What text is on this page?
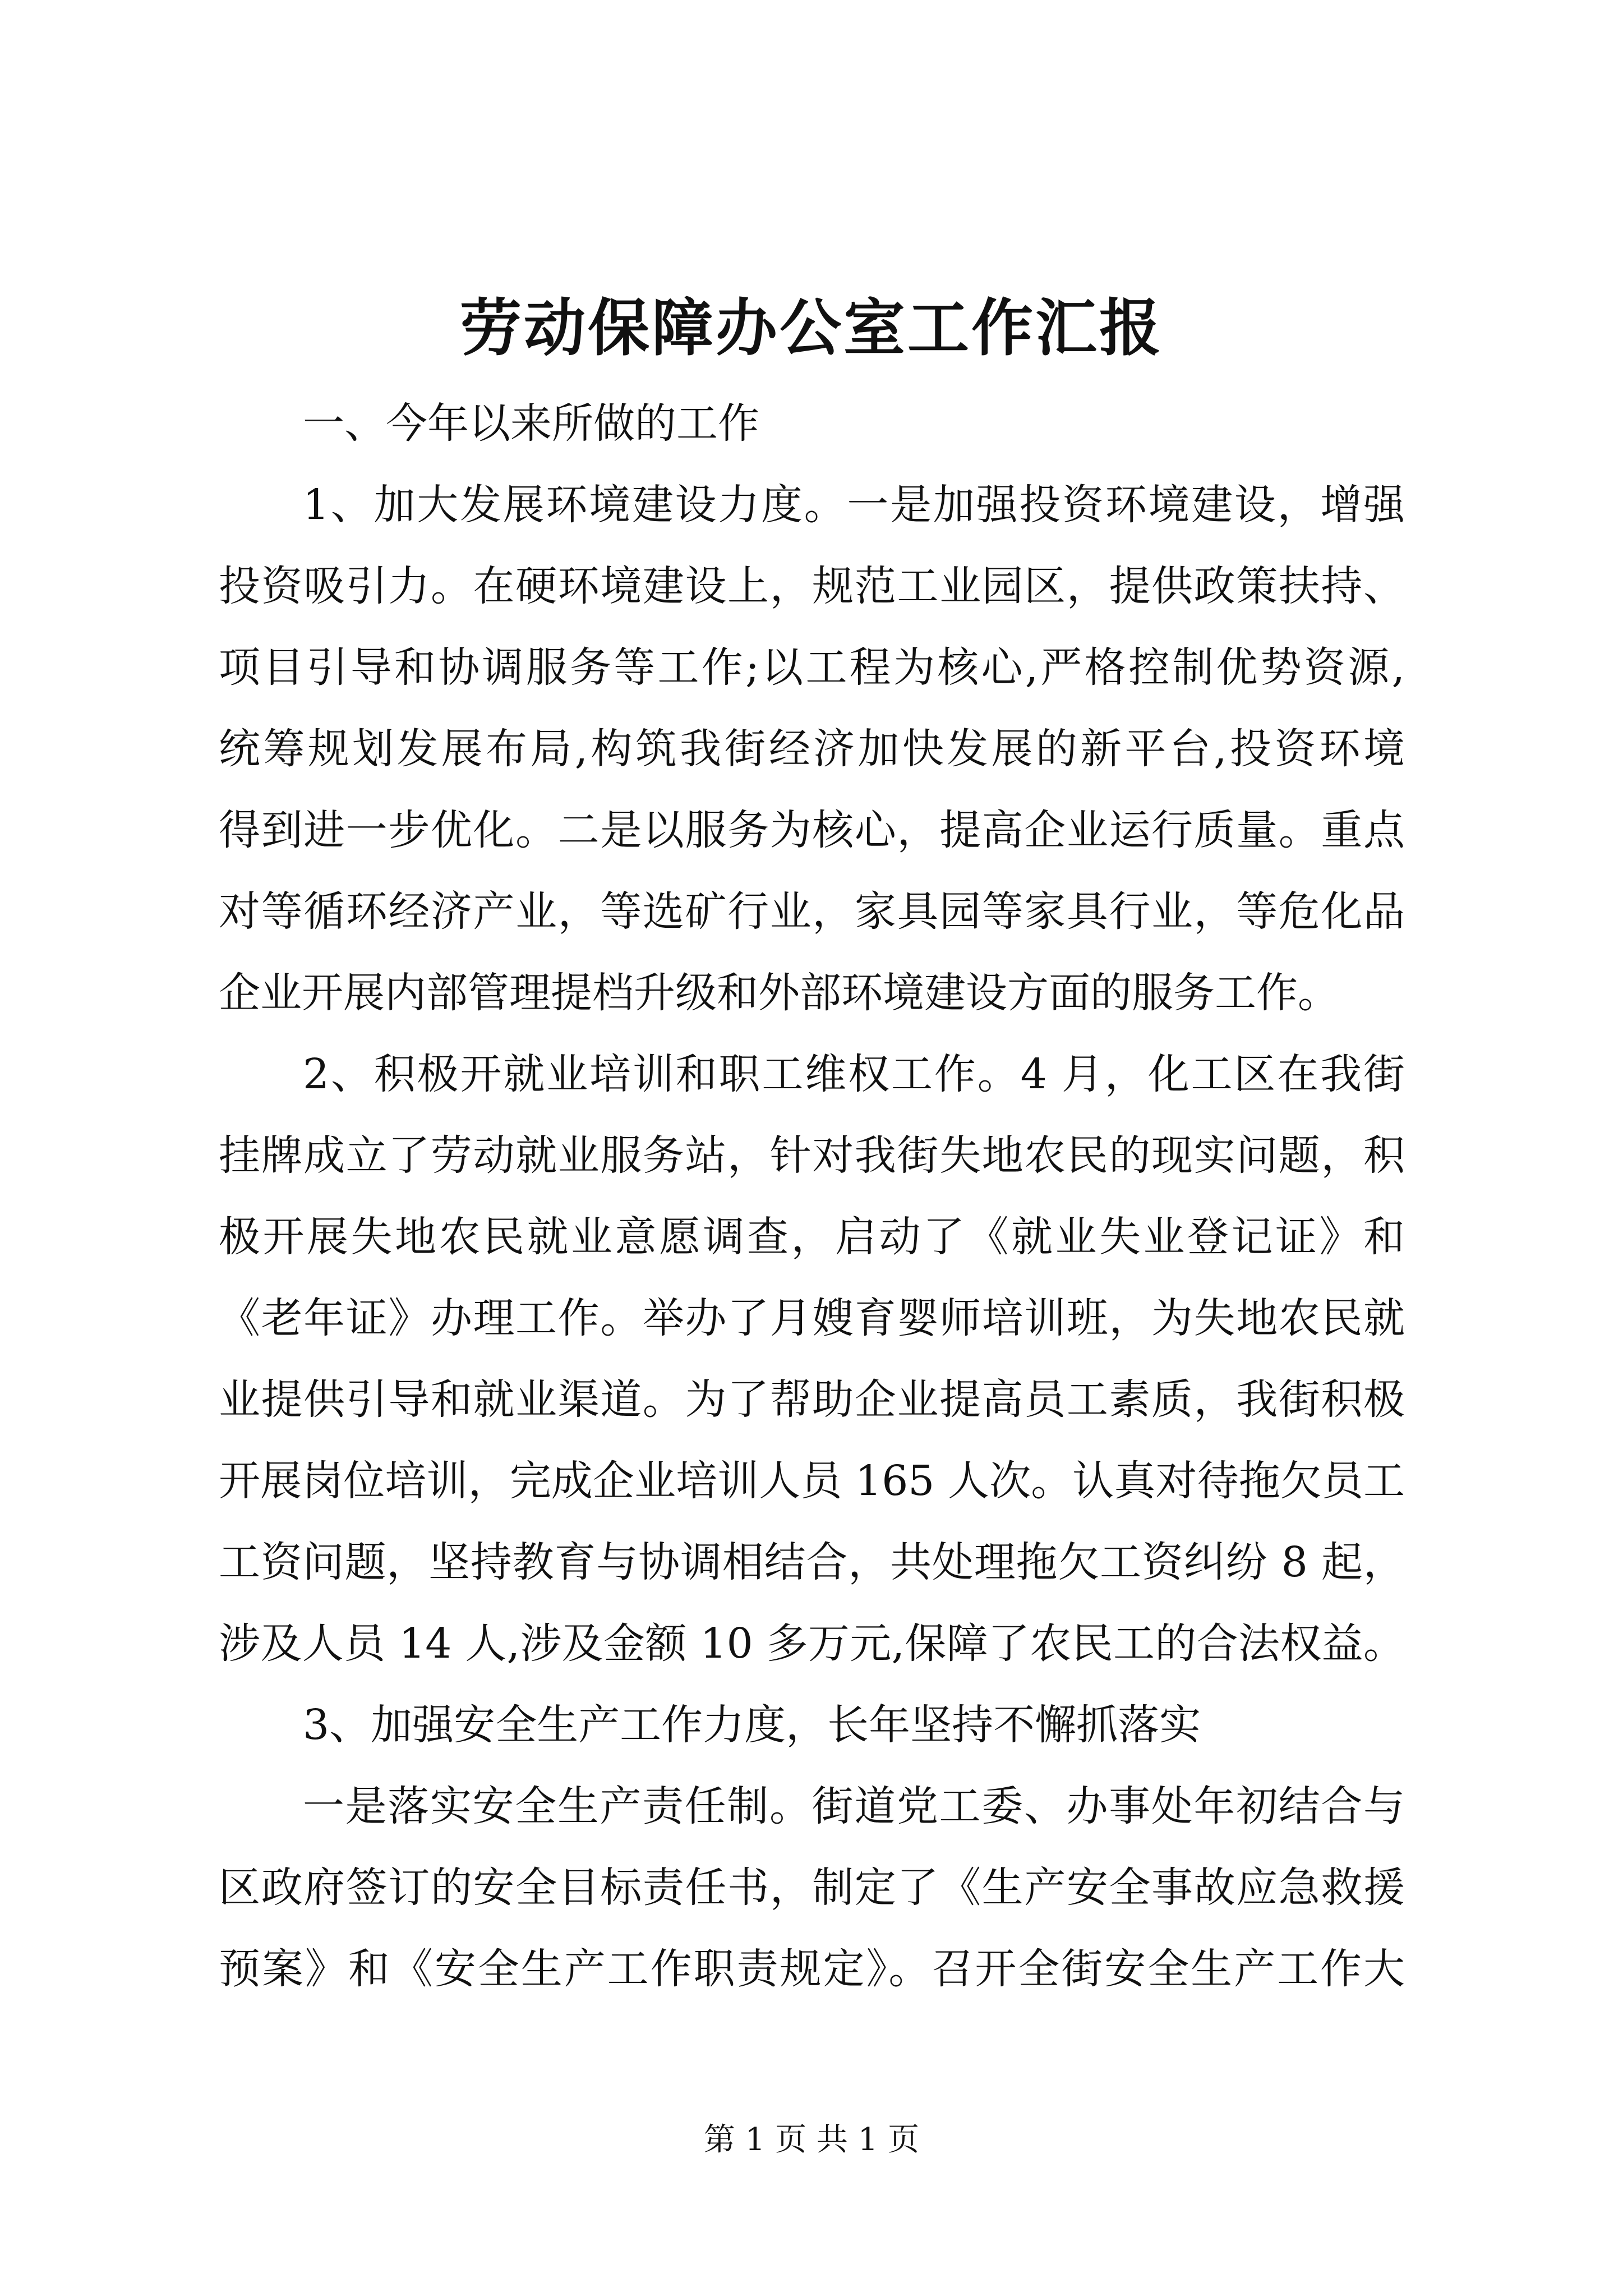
劳动保障办公室工作汇报
一、今年以来所做的工作
1、加大发展环境建设力度。一是加强投资环境建设，增强
投资吸引力。在硬环境建设上，规范工业园区，提供政策扶持、
项目引导和协调服务等工作;以工程为核心,严格控制优势资源,
统筹规划发展布局,构筑我街经济加快发展的新平台,投资环境
得到进一步优化。二是以服务为核心，提高企业运行质量。重点
对等循环经济产业，等选矿行业，家具园等家具行业，等危化品
企业开展内部管理提档升级和外部环境建设方面的服务工作。
2、积极开就业培训和职工维权工作。4 月，化工区在我街
挂牌成立了劳动就业服务站，针对我街失地农民的现实问题，积
极开展失地农民就业意愿调查，启动了《就业失业登记证》和
《老年证》办理工作。举办了月嫂育婴师培训班，为失地农民就
业提供引导和就业渠道。为了帮助企业提高员工素质，我街积极
开展岗位培训，完成企业培训人员 165 人次。认真对待拖欠员工
工资问题，坚持教育与协调相结合，共处理拖欠工资纠纷 8 起，
涉及人员 14 人,涉及金额 10 多万元,保障了农民工的合法权益。
3、加强安全生产工作力度，长年坚持不懈抓落实
一是落实安全生产责任制。街道党工委、办事处年初结合与
区政府签订的安全目标责任书，制定了《生产安全事故应急救援
预案》和《安全生产工作职责规定》。召开全街安全生产工作大
第 1 页 共 1 页
